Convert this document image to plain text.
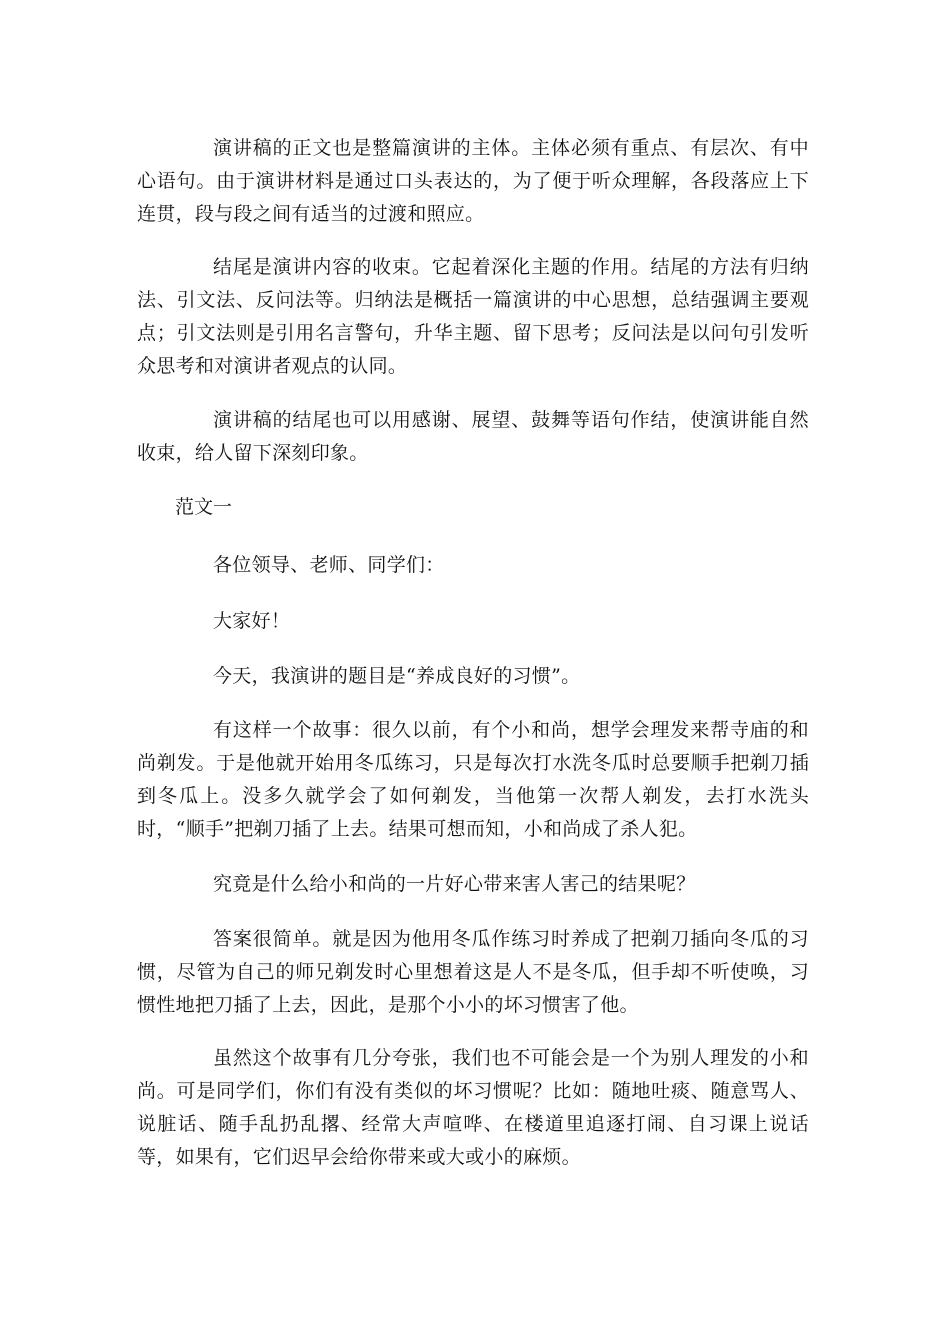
演讲稿的正文也是整篇演讲的主体。主体必须有重点、有层次、有中心语句。由于演讲材料是通过口头表达的，为了便于听众理解，各段落应上下连贯，段与段之间有适当的过渡和照应。

结尾是演讲内容的收束。它起着深化主题的作用。结尾的方法有归纳法、引文法、反问法等。归纳法是概括一篇演讲的中心思想，总结强调主要观点；引文法则是引用名言警句，升华主题、留下思考；反问法是以问句引发听众思考和对演讲者观点的认同。

演讲稿的结尾也可以用感谢、展望、鼓舞等语句作结，使演讲能自然收束，给人留下深刻印象。

范文一

各位领导、老师、同学们：

大家好！

今天，我演讲的题目是“养成良好的习惯”。

有这样一个故事：很久以前，有个小和尚，想学会理发来帮寺庙的和尚剃发。于是他就开始用冬瓜练习，只是每次打水洗冬瓜时总要顺手把剃刀插到冬瓜上。没多久就学会了如何剃发，当他第一次帮人剃发，去打水洗头时，“顺手”把剃刀插了上去。结果可想而知，小和尚成了杀人犯。

究竟是什么给小和尚的一片好心带来害人害己的结果呢？

答案很简单。就是因为他用冬瓜作练习时养成了把剃刀插向冬瓜的习惯，尽管为自己的师兄剃发时心里想着这是人不是冬瓜，但手却不听使唤，习惯性地把刀插了上去，因此，是那个小小的坏习惯害了他。

虽然这个故事有几分夸张，我们也不可能会是一个为别人理发的小和尚。可是同学们，你们有没有类似的坏习惯呢？比如：随地吐痰、随意骂人、说脏话、随手乱扔乱撂、经常大声喧哗、在楼道里追逐打闹、自习课上说话等，如果有，它们迟早会给你带来或大或小的麻烦。
